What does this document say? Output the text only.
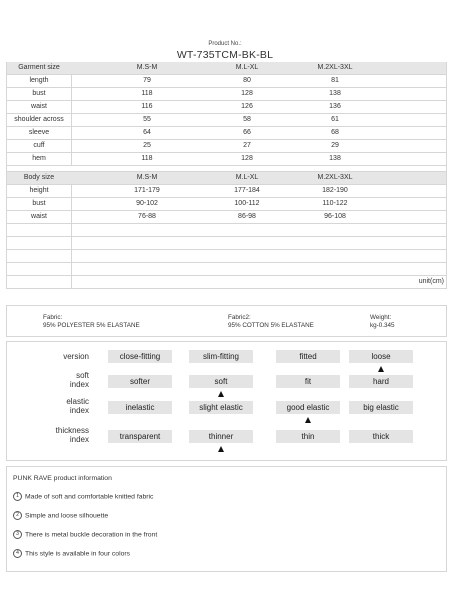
Product No.:
WT-735TCM-BK-BL
Garment size	M.S-M	M.L-XL	M.2XL-3XL
length	79	80	81
bust	118	128	138
waist	116	126	136
shoulder across	55	58	61
sleeve	64	66	68
cuff	25	27	29
hem	118	128	138
Body size	M.S-M	M.L-XL	M.2XL-3XL
height	171-179	177-184	182-190
bust	90-102	100-112	110-122
waist	76-88	86-98	96-108
unit(cm)
Fabric:
95% POLYESTER 5% ELASTANE
Fabric2:
95% COTTON 5% ELASTANE
Weight:
kg-0.345
version	close-fitting	slim-fitting	fitted	loose
soft index	softer	soft	fit	hard
elastic index	inelastic	slight elastic	good elastic	big elastic
thickness index	transparent	thinner	thin	thick
PUNK RAVE product information
1 Made of soft and comfortable knitted fabric
2 Simple and loose silhouette
3 There is metal buckle decoration in the front
4 This style is available in four colors
